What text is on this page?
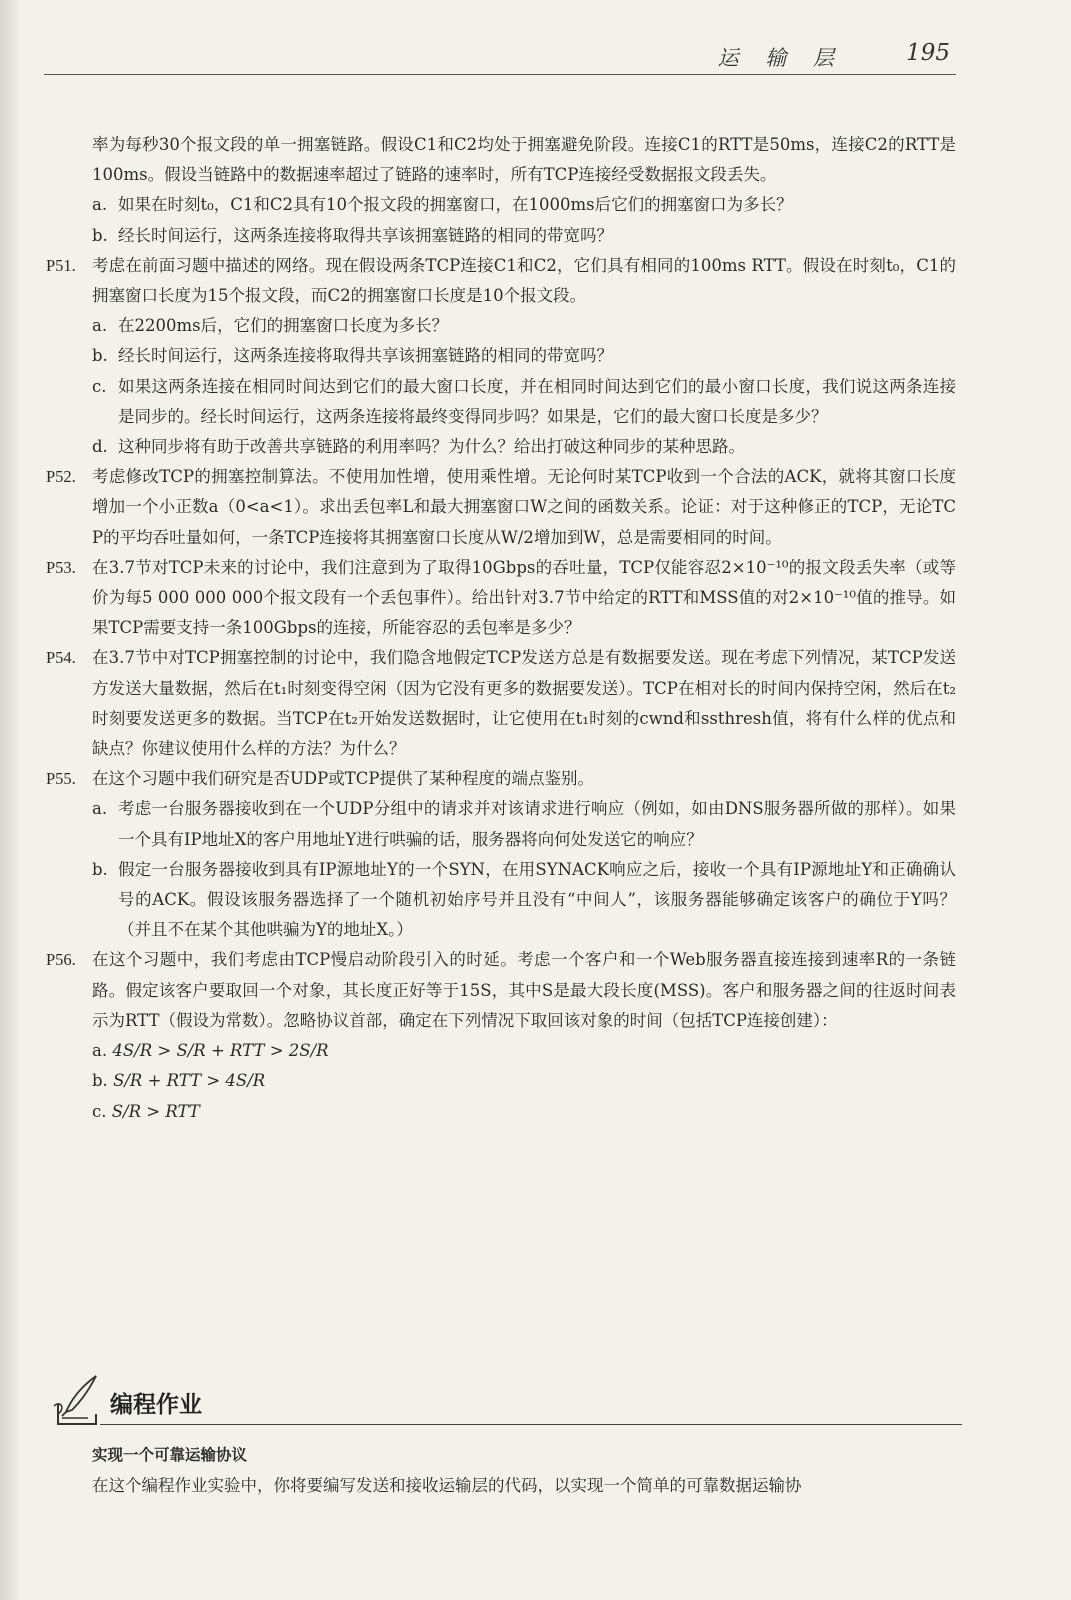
运 输 层	195

率为每秒30个报文段的单一拥塞链路。假设C1和C2均处于拥塞避免阶段。连接C1的RTT是50ms，连接C2的RTT是100ms。假设当链路中的数据速率超过了链路的速率时，所有TCP连接经受数据报文段丢失。

a. 如果在时刻t₀，C1和C2具有10个报文段的拥塞窗口，在1000ms后它们的拥塞窗口为多长？

b. 经长时间运行，这两条连接将取得共享该拥塞链路的相同的带宽吗？

P51. 考虑在前面习题中描述的网络。现在假设两条TCP连接C1和C2，它们具有相同的100ms RTT。假设在时刻t₀，C1的拥塞窗口长度为15个报文段，而C2的拥塞窗口长度是10个报文段。

a. 在2200ms后，它们的拥塞窗口长度为多长？

b. 经长时间运行，这两条连接将取得共享该拥塞链路的相同的带宽吗？

c. 如果这两条连接在相同时间达到它们的最大窗口长度，并在相同时间达到它们的最小窗口长度，我们说这两条连接是同步的。经长时间运行，这两条连接将最终变得同步吗？如果是，它们的最大窗口长度是多少？

d. 这种同步将有助于改善共享链路的利用率吗？为什么？给出打破这种同步的某种思路。

P52. 考虑修改TCP的拥塞控制算法。不使用加性增，使用乘性增。无论何时某TCP收到一个合法的ACK，就将其窗口长度增加一个小正数a（0<a<1）。求出丢包率L和最大拥塞窗口W之间的函数关系。论证：对于这种修正的TCP，无论TCP的平均吞吐量如何，一条TCP连接将其拥塞窗口长度从W/2增加到W，总是需要相同的时间。

P53. 在3.7节对TCP未来的讨论中，我们注意到为了取得10Gbps的吞吐量，TCP仅能容忍2×10⁻¹⁰的报文段丢失率（或等价为每5 000 000 000个报文段有一个丢包事件）。给出针对3.7节中给定的RTT和MSS值的对2×10⁻¹⁰值的推导。如果TCP需要支持一条100Gbps的连接，所能容忍的丢包率是多少？

P54. 在3.7节中对TCP拥塞控制的讨论中，我们隐含地假定TCP发送方总是有数据要发送。现在考虑下列情况，某TCP发送方发送大量数据，然后在t₁时刻变得空闲（因为它没有更多的数据要发送）。TCP在相对长的时间内保持空闲，然后在t₂时刻要发送更多的数据。当TCP在t₂开始发送数据时，让它使用在t₁时刻的cwnd和ssthresh值，将有什么样的优点和缺点？你建议使用什么样的方法？为什么？

P55. 在这个习题中我们研究是否UDP或TCP提供了某种程度的端点鉴别。

a. 考虑一台服务器接收到在一个UDP分组中的请求并对该请求进行响应（例如，如由DNS服务器所做的那样）。如果一个具有IP地址X的客户用地址Y进行哄骗的话，服务器将向何处发送它的响应？

b. 假定一台服务器接收到具有IP源地址Y的一个SYN，在用SYNACK响应之后，接收一个具有IP源地址Y和正确确认号的ACK。假设该服务器选择了一个随机初始序号并且没有“中间人”，该服务器能够确定该客户的确位于Y吗？（并且不在某个其他哄骗为Y的地址X。）

P56. 在这个习题中，我们考虑由TCP慢启动阶段引入的时延。考虑一个客户和一个Web服务器直接连接到速率R的一条链路。假定该客户要取回一个对象，其长度正好等于15S，其中S是最大段长度(MSS)。客户和服务器之间的往返时间表示为RTT（假设为常数）。忽略协议首部，确定在下列情况下取回该对象的时间（包括TCP连接创建）：

a. 4S/R > S/R + RTT > 2S/R

b. S/R + RTT > 4S/R

c. S/R > RTT

编程作业
实现一个可靠运输协议
在这个编程作业实验中，你将要编写发送和接收运输层的代码，以实现一个简单的可靠数据运输协
